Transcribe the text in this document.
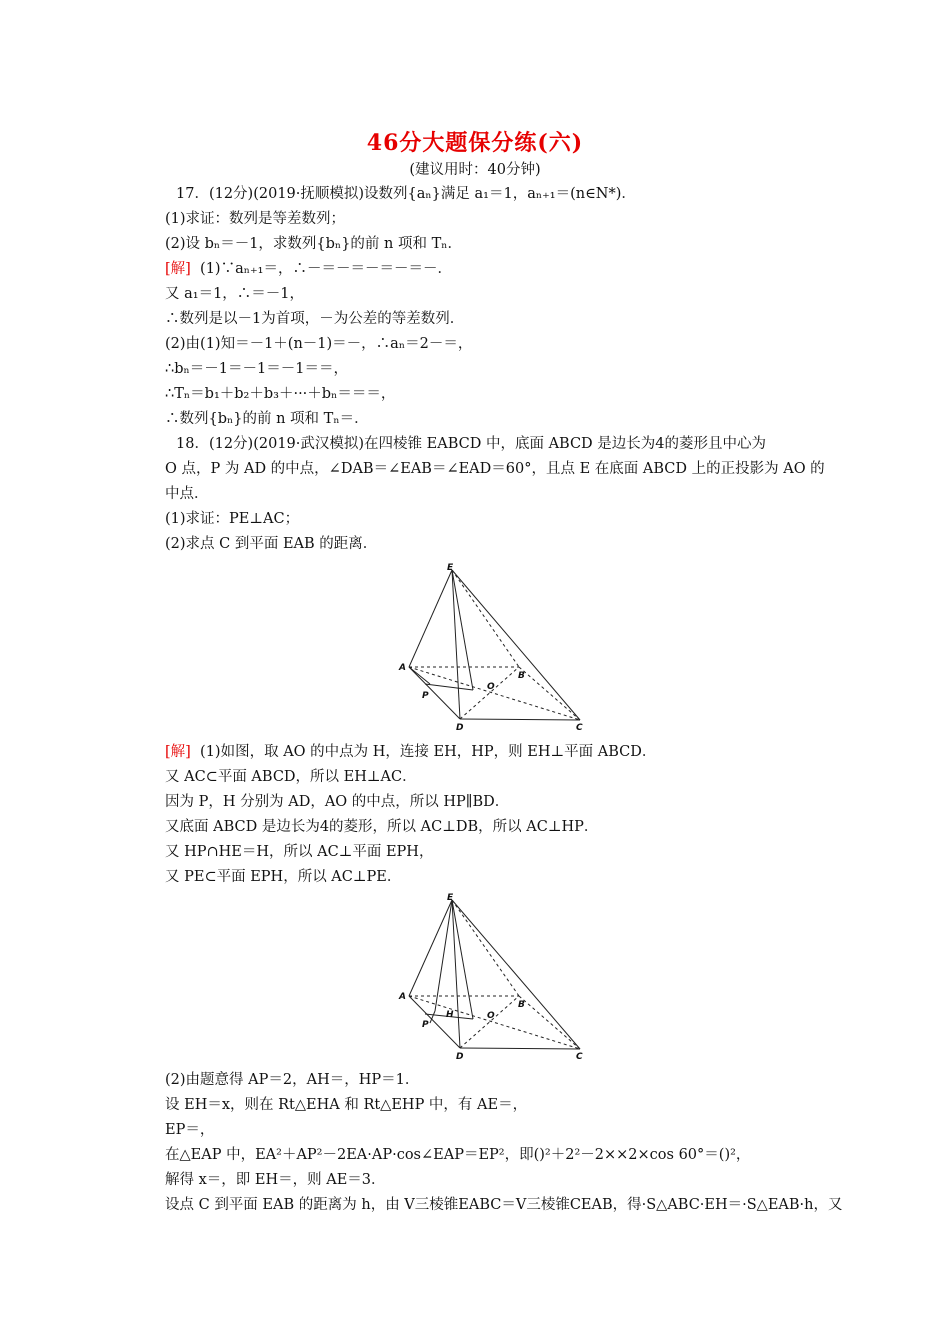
46分大题保分练(六)
(建议用时：40分钟)
17．(12分)(2019·抚顺模拟)设数列{aₙ}满足 a₁＝1，aₙ₊₁＝(n∈N*)．
(1)求证：数列是等差数列；
(2)设 bₙ＝－1，求数列{bₙ}的前 n 项和 Tₙ．
[解] (1)∵aₙ₊₁＝，∴－＝－＝－＝－＝－．
又 a₁＝1，∴＝－1，
∴数列是以－1为首项，－为公差的等差数列．
(2)由(1)知＝－1＋(n－1)＝－，∴aₙ＝2－＝，
∴bₙ＝－1＝－1＝－1＝＝，
∴Tₙ＝b₁＋b₂＋b₃＋···＋bₙ＝＝＝，
∴数列{bₙ}的前 n 项和 Tₙ＝．
18．(12分)(2019·武汉模拟)在四棱锥 EABCD 中，底面 ABCD 是边长为4的菱形且中心为
O 点，P 为 AD 的中点，∠DAB＝∠EAB＝∠EAD＝60°，且点 E 在底面 ABCD 上的正投影为 AO 的
中点．
(1)求证：PE⊥AC；
(2)求点 C 到平面 EAB 的距离．
E
A
B
O
P
D	C
[解] (1)如图，取 AO 的中点为 H，连接 EH，HP，则 EH⊥平面 ABCD．
又 AC⊂平面 ABCD，所以 EH⊥AC．
因为 P，H 分别为 AD，AO 的中点，所以 HP∥BD．
又底面 ABCD 是边长为4的菱形，所以 AC⊥DB，所以 AC⊥HP．
又 HP∩HE＝H，所以 AC⊥平面 EPH，
又 PE⊂平面 EPH，所以 AC⊥PE．
E
A
B
O
H
P
D	C
(2)由题意得 AP＝2，AH＝，HP＝1．
设 EH＝x，则在 Rt△EHA 和 Rt△EHP 中，有 AE＝，
EP＝，
在△EAP 中，EA²＋AP²－2EA·AP·cos∠EAP＝EP²，即()²＋2²－2××2×cos 60°＝()²，
解得 x＝，即 EH＝，则 AE＝3．
设点 C 到平面 EAB 的距离为 h，由 V三棱锥EABC＝V三棱锥CEAB，得·S△ABC·EH＝·S△EAB·h，又
